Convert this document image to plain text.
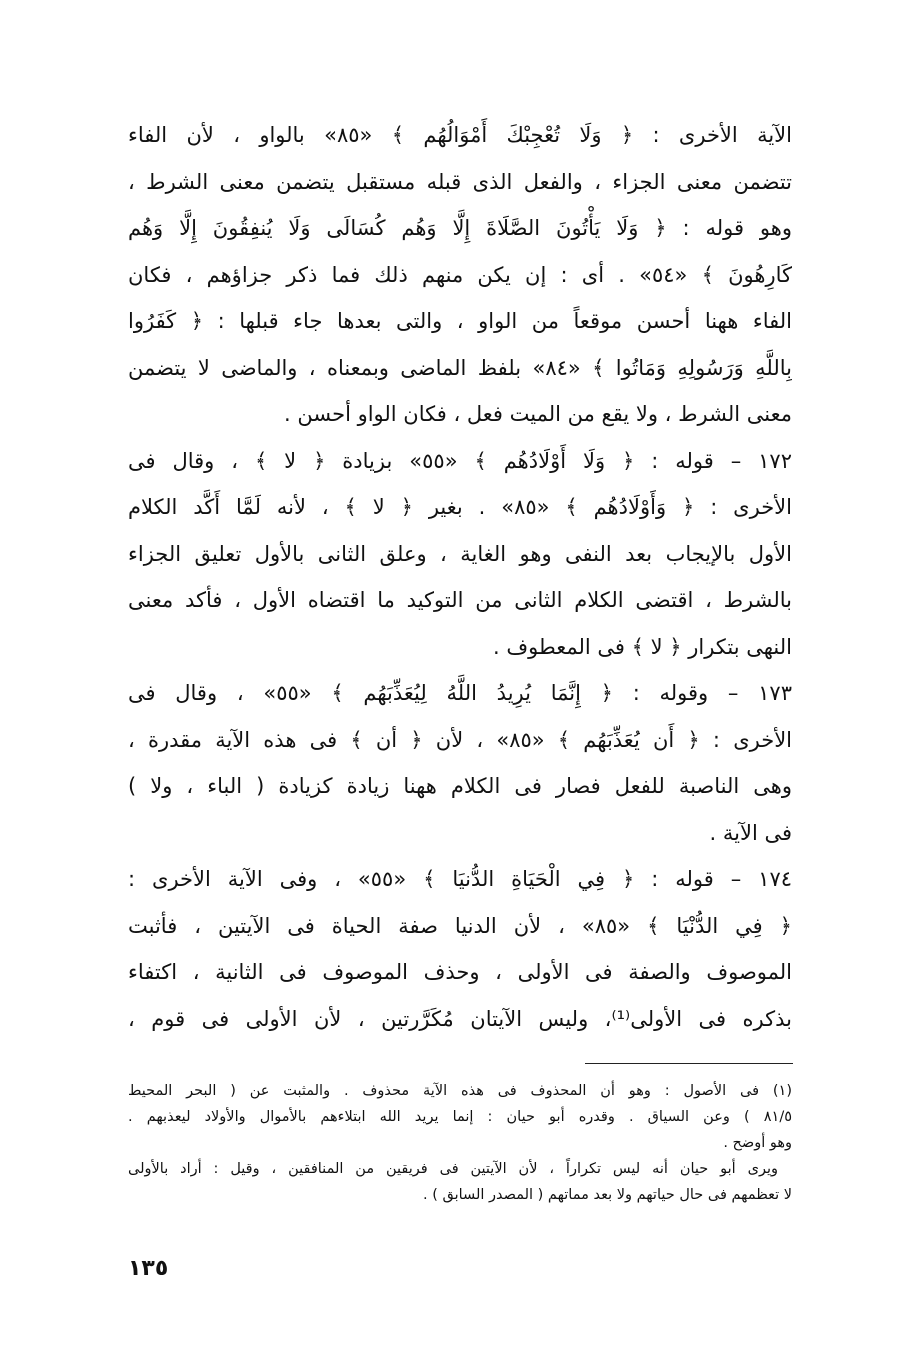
الآية الأخرى : ﴿ وَلَا تُعْجِبْكَ أَمْوَالُهُم ﴾ «٨٥» بالواو ، لأن الفاء
تتضمن معنى الجزاء ، والفعل الذى قبله مستقبل يتضمن معنى الشرط ،
وهو قوله : ﴿ وَلَا يَأْتُونَ الصَّلَاةَ إِلَّا وَهُم كُسَالَى وَلَا يُنفِقُونَ إِلَّا وَهُم
كَارِهُونَ ﴾ «٥٤» . أى : إن يكن منهم ذلك فما ذكر جزاؤهم ، فكان
الفاء ههنا أحسن موقعاً من الواو ، والتى بعدها جاء قبلها : ﴿ كَفَرُوا
بِاللَّهِ وَرَسُولِهِ وَمَاتُوا ﴾ «٨٤» بلفظ الماضى وبمعناه ، والماضى لا يتضمن
معنى الشرط ، ولا يقع من الميت فعل ، فكان الواو أحسن .
١٧٢ – قوله : ﴿ وَلَا أَوْلَادُهُم ﴾ «٥٥» بزيادة ﴿ لا ﴾ ، وقال فى
الأخرى : ﴿ وَأَوْلَادُهُم ﴾ «٨٥» . بغير ﴿ لا ﴾ ، لأنه لَمَّا أَكَّد الكلام
الأول بالإيجاب بعد النفى وهو الغاية ، وعلق الثانى بالأول تعليق الجزاء
بالشرط ، اقتضى الكلام الثانى من التوكيد ما اقتضاه الأول ، فأكد معنى
النهى بتكرار ﴿ لا ﴾ فى المعطوف .
١٧٣ – وقوله : ﴿ إِنَّمَا يُرِيدُ اللَّهُ لِيُعَذِّبَهُم ﴾ «٥٥» ، وقال فى
الأخرى : ﴿ أَن يُعَذِّبَهُم ﴾ «٨٥» ، لأن ﴿ أن ﴾ فى هذه الآية مقدرة ،
وهى الناصبة للفعل فصار فى الكلام ههنا زيادة كزيادة ( الباء ، ولا )
فى الآية .
١٧٤ – قوله : ﴿ فِي الْحَيَاةِ الدُّنيَا ﴾ «٥٥» ، وفى الآية الأخرى :
﴿ فِي الدُّنْيَا ﴾ «٨٥» ، لأن الدنيا صفة الحياة فى الآيتين ، فأثبت
الموصوف والصفة فى الأولى ، وحذف الموصوف فى الثانية ، اكتفاء
بذكره فى الأولى⁽¹⁾، وليس الآيتان مُكَرَّرتين ، لأن الأولى فى قوم ،
(١) فى الأصول : وهو أن المحذوف فى هذه الآية محذوف . والمثبت عن ( البحر المحيط
٨١/٥ ) وعن السياق . وقدره أبو حيان : إنما يريد الله ابتلاءهم بالأموال والأولاد ليعذبهم .
وهو أوضح .
ويرى أبو حيان أنه ليس تكراراً ، لأن الآيتين فى فريقين من المنافقين ، وقيل : أراد بالأولى
لا تعظمهم فى حال حياتهم ولا بعد مماتهم ( المصدر السابق ) .
١٣٥
